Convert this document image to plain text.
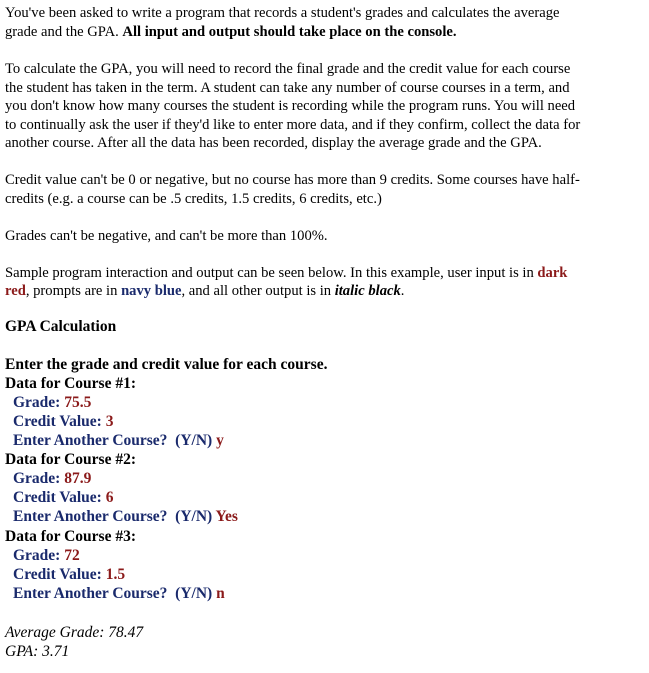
You've been asked to write a program that records a student's grades and calculates the average
grade and the GPA. All input and output should take place on the console.
To calculate the GPA, you will need to record the final grade and the credit value for each course
the student has taken in the term. A student can take any number of course courses in a term, and
you don't know how many courses the student is recording while the program runs. You will need
to continually ask the user if they'd like to enter more data, and if they confirm, collect the data for
another course. After all the data has been recorded, display the average grade and the GPA.
Credit value can't be 0 or negative, but no course has more than 9 credits. Some courses have half-
credits (e.g. a course can be .5 credits, 1.5 credits, 6 credits, etc.)
Grades can't be negative, and can't be more than 100%.
Sample program interaction and output can be seen below. In this example, user input is in dark
red, prompts are in navy blue, and all other output is in italic black.
GPA Calculation
Enter the grade and credit value for each course.
Data for Course #1:
Grade: 75.5
Credit Value: 3
Enter Another Course?  (Y/N) y
Data for Course #2:
Grade: 87.9
Credit Value: 6
Enter Another Course?  (Y/N) Yes
Data for Course #3:
Grade: 72
Credit Value: 1.5
Enter Another Course?  (Y/N) n
Average Grade: 78.47
GPA: 3.71
